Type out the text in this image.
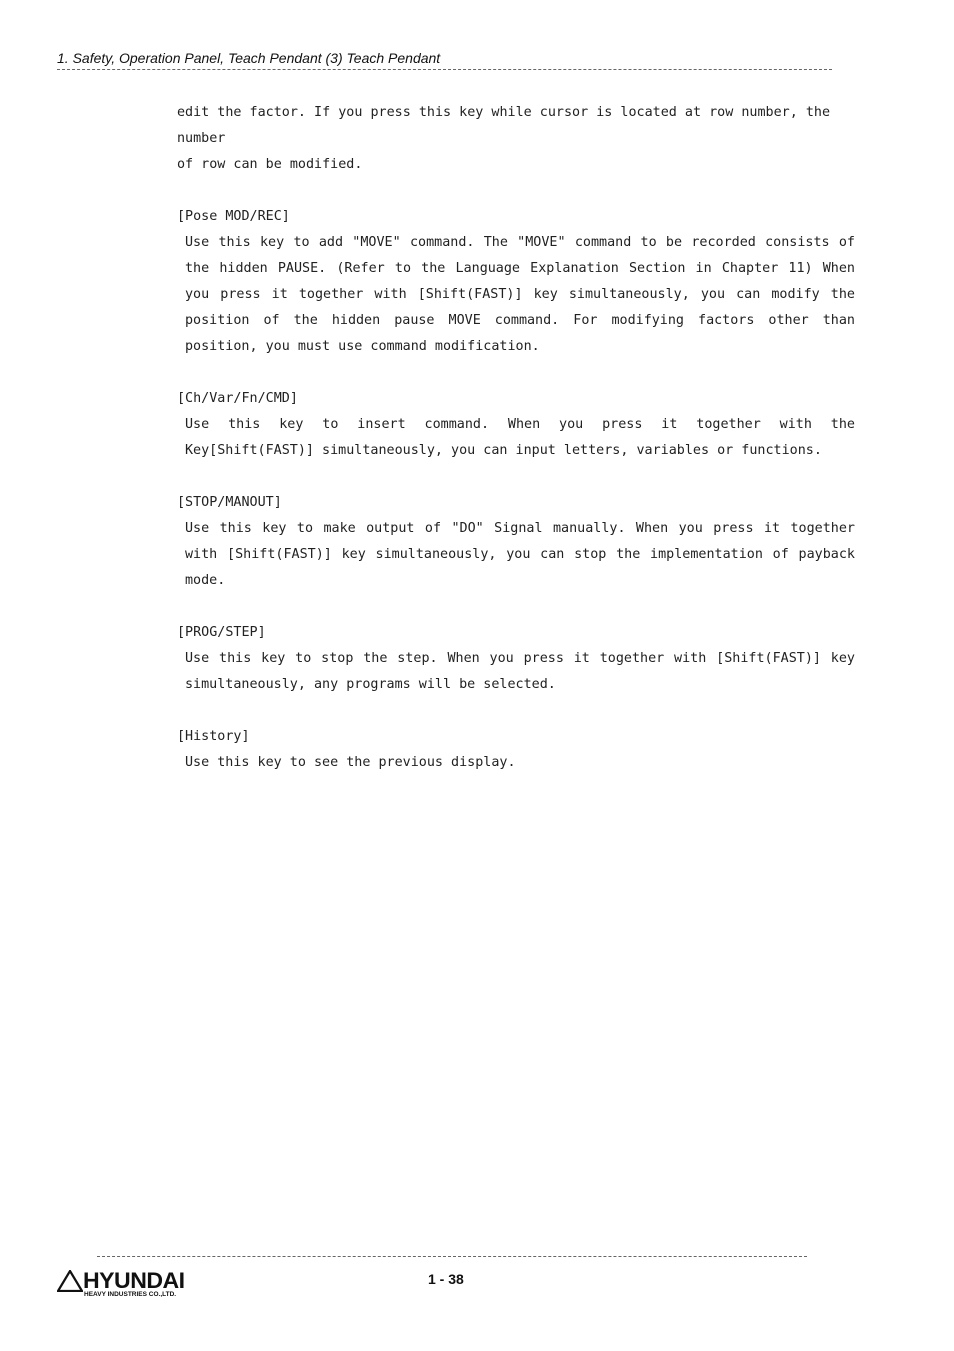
1. Safety, Operation Panel, Teach Pendant (3) Teach Pendant

edit the factor. If you press this key while cursor is located at row number, the number
of row can be modified.

[Pose MOD/REC]
Use this key to add "MOVE" command. The "MOVE" command to be recorded consists of the hidden PAUSE. (Refer to the Language Explanation Section in Chapter 11) When you press it together with [Shift(FAST)] key simultaneously, you can modify the position of the hidden pause MOVE command. For modifying factors other than position, you must use command modification.
[Ch/Var/Fn/CMD]
Use this key to insert command. When you press it together with the Key[Shift(FAST)] simultaneously, you can input letters, variables or functions.
[STOP/MANOUT]
Use this key to make output of "DO" Signal manually. When you press it together with [Shift(FAST)] key simultaneously, you can stop the implementation of payback mode.
[PROG/STEP]
Use this key to stop the step. When you press it together with [Shift(FAST)] key simultaneously, any programs will be selected.
[History]
Use this key to see the previous display.
HYUNDAI
HEAVY INDUSTRIES CO.,LTD.
1 - 38
